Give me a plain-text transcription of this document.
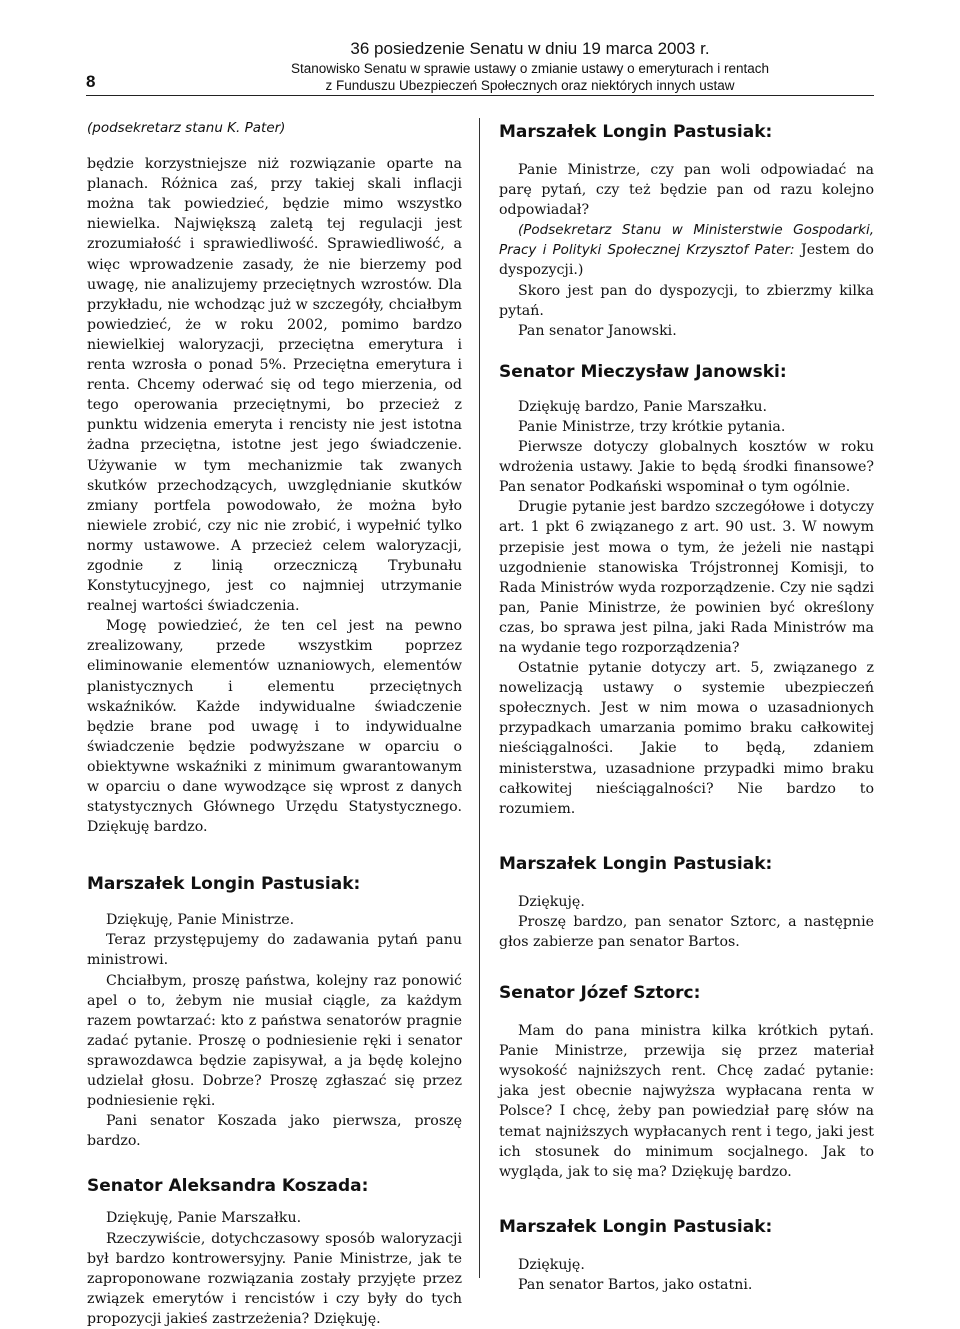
8
36 posiedzenie Senatu w dniu 19 marca 2003 r.
Stanowisko Senatu w sprawie ustawy o zmianie ustawy o emeryturach i rentach
z Funduszu Ubezpieczeń Społecznych oraz niektórych innych ustaw

(podsekretarz stanu K. Pater)

będzie korzystniejsze niż rozwiązanie oparte na planach. Różnica zaś, przy takiej skali inflacji można tak powiedzieć, będzie mimo wszystko niewielka. Największą zaletą tej regulacji jest zrozumiałość i sprawiedliwość. Sprawiedliwość, a więc wprowadzenie zasady, że nie bierzemy pod uwagę, nie analizujemy przeciętnych wzrostów. Dla przykładu, nie wchodząc już w szczegóły, chciałbym powiedzieć, że w roku 2002, pomimo bardzo niewielkiej waloryzacji, przeciętna emerytura i renta wzrosła o ponad 5%. Przeciętna emerytura i renta. Chcemy oderwać się od tego mierzenia, od tego operowania przeciętnymi, bo przecież z punktu widzenia emeryta i rencisty nie jest istotna żadna przeciętna, istotne jest jego świadczenie. Używanie w tym mechanizmie tak zwanych skutków przechodzących, uwzględnianie skutków zmiany portfela powodowało, że można było niewiele zrobić, czy nic nie zrobić, i wypełnić tylko normy ustawowe. A przecież celem waloryzacji, zgodnie z linią orzeczniczą Trybunału Konstytucyjnego, jest co najmniej utrzymanie realnej wartości świadczenia.

Mogę powiedzieć, że ten cel jest na pewno zrealizowany, przede wszystkim poprzez eliminowanie elementów uznaniowych, elementów planistycznych i elementu przeciętnych wskaźników. Każde indywidualne świadczenie będzie brane pod uwagę i to indywidualne świadczenie będzie podwyższane w oparciu o obiektywne wskaźniki z minimum gwarantowanym w oparciu o dane wywodzące się wprost z danych statystycznych Głównego Urzędu Statystycznego. Dziękuję bardzo.

Marszałek Longin Pastusiak:

Dziękuję, Panie Ministrze.

Teraz przystępujemy do zadawania pytań panu ministrowi.

Chciałbym, proszę państwa, kolejny raz ponowić apel o to, żebym nie musiał ciągle, za każdym razem powtarzać: kto z państwa senatorów pragnie zadać pytanie. Proszę o podniesienie ręki i senator sprawozdawca będzie zapisywał, a ja będę kolejno udzielał głosu. Dobrze? Proszę zgłaszać się przez podniesienie ręki.

Pani senator Koszada jako pierwsza, proszę bardzo.

Senator Aleksandra Koszada:

Dziękuję, Panie Marszałku.

Rzeczywiście, dotychczasowy sposób waloryzacji był bardzo kontrowersyjny. Panie Ministrze, jak te zaproponowane rozwiązania zostały przyjęte przez związek emerytów i rencistów i czy były do tych propozycji jakieś zastrzeżenia? Dziękuję.

Marszałek Longin Pastusiak:

Panie Ministrze, czy pan woli odpowiadać na parę pytań, czy też będzie pan od razu kolejno odpowiadał?

(Podsekretarz Stanu w Ministerstwie Gospodarki, Pracy i Polityki Społecznej Krzysztof Pater: Jestem do dyspozycji.)

Skoro jest pan do dyspozycji, to zbierzmy kilka pytań.

Pan senator Janowski.

Senator Mieczysław Janowski:

Dziękuję bardzo, Panie Marszałku.

Panie Ministrze, trzy krótkie pytania.

Pierwsze dotyczy globalnych kosztów w roku wdrożenia ustawy. Jakie to będą środki finansowe? Pan senator Podkański wspominał o tym ogólnie.

Drugie pytanie jest bardzo szczegółowe i dotyczy art. 1 pkt 6 związanego z art. 90 ust. 3. W nowym przepisie jest mowa o tym, że jeżeli nie nastąpi uzgodnienie stanowiska Trójstronnej Komisji, to Rada Ministrów wyda rozporządzenie. Czy nie sądzi pan, Panie Ministrze, że powinien być określony czas, bo sprawa jest pilna, jaki Rada Ministrów ma na wydanie tego rozporządzenia?

Ostatnie pytanie dotyczy art. 5, związanego z nowelizacją ustawy o systemie ubezpieczeń społecznych. Jest w nim mowa o uzasadnionych przypadkach umarzania pomimo braku całkowitej nieściągalności. Jakie to będą, zdaniem ministerstwa, uzasadnione przypadki mimo braku całkowitej nieściągalności? Nie bardzo to rozumiem.

Marszałek Longin Pastusiak:

Dziękuję.

Proszę bardzo, pan senator Sztorc, a następnie głos zabierze pan senator Bartos.

Senator Józef Sztorc:

Mam do pana ministra kilka krótkich pytań. Panie Ministrze, przewija się przez materiał wysokość najniższych rent. Chcę zadać pytanie: jaka jest obecnie najwyższa wypłacana renta w Polsce? I chcę, żeby pan powiedział parę słów na temat najniższych wypłacanych rent i tego, jaki jest ich stosunek do minimum socjalnego. Jak to wygląda, jak to się ma? Dziękuję bardzo.

Marszałek Longin Pastusiak:

Dziękuję.

Pan senator Bartos, jako ostatni.
